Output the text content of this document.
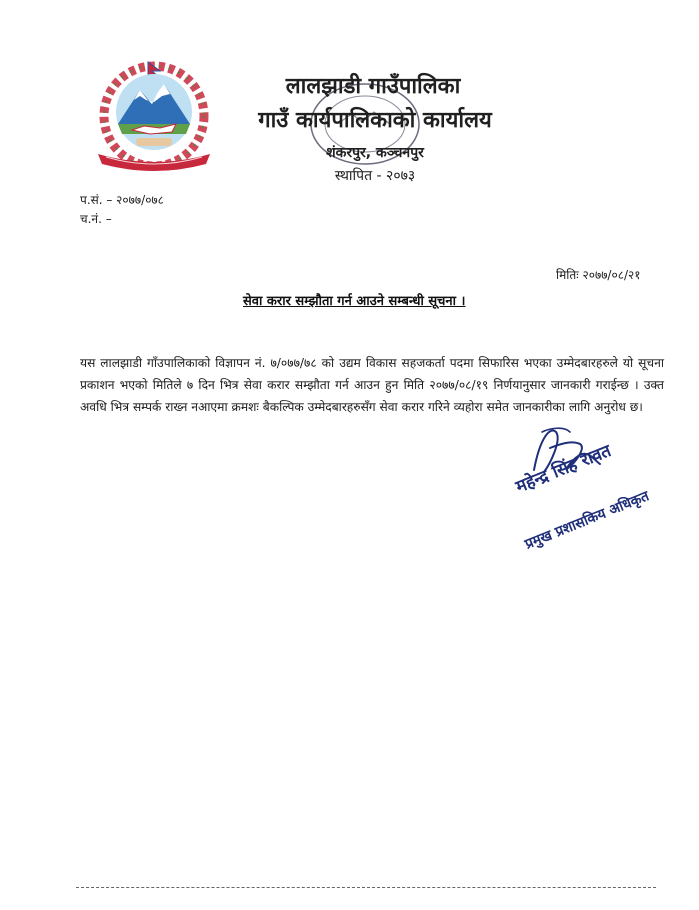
लालझाडी गाउँपालिका
गाउँ कार्यपालिकाको कार्यालय
शंकरपुर, कञ्चनपुर
स्थापित - २०७३
प.सं. – २०७७/०७८
च.नं. –
मितिः २०७७/०८/२१
सेवा करार सम्झौता गर्न आउने सम्बन्धी सूचना ।
यस लालझाडी गाँउपालिकाको विज्ञापन नं. ७/०७७/७८ को उद्यम विकास सहजकर्ता पदमा सिफारिस भएका उम्मेदबारहरुले यो सूचना प्रकाशन भएको मितिले ७ दिन भित्र सेवा करार सम्झौता गर्न आउन हुन मिति २०७७/०८/१९ निर्णयानुसार जानकारी गराईन्छ । उक्त अवधि भित्र सम्पर्क राख्न नआएमा क्रमशः बैकल्पिक उम्मेदबारहरुसँग सेवा करार गरिने व्यहोरा समेत जानकारीका लागि अनुरोध छ।
महेन्द्र सिंह रावत
प्रमुख प्रशासकिय अधिकृत
